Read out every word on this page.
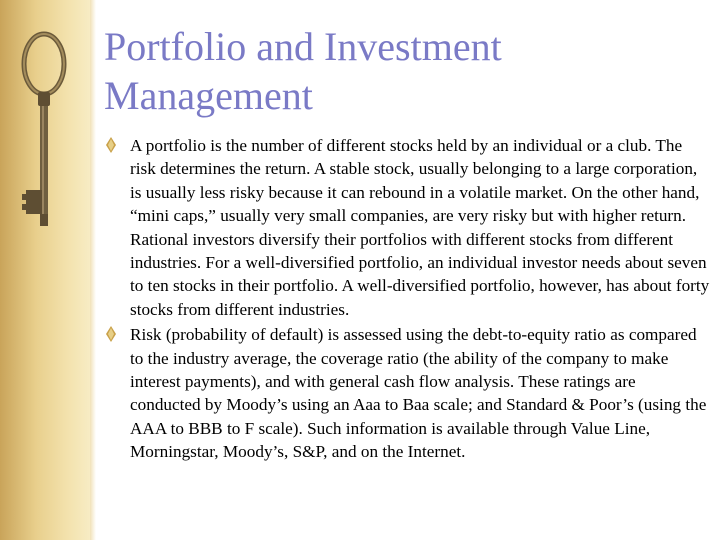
Portfolio and Investment Management
A portfolio is the number of different stocks held by an individual or a club. The risk determines the return. A stable stock, usually belonging to a large corporation, is usually less risky because it can rebound in a volatile market. On the other hand, “mini caps,” usually very small companies, are very risky but with higher return. Rational investors diversify their portfolios with different stocks from different industries. For a well-diversified portfolio, an individual investor needs about seven to ten stocks in their portfolio. A well-diversified portfolio, however, has about forty stocks from different industries.
Risk (probability of default) is assessed using the debt-to-equity ratio as compared to the industry average, the coverage ratio (the ability of the company to make interest payments), and with general cash flow analysis. These ratings are conducted by Moody’s using an Aaa to Baa scale; and Standard & Poor’s (using the AAA to BBB to F scale). Such information is available through Value Line, Morningstar, Moody’s, S&P, and on the Internet.
